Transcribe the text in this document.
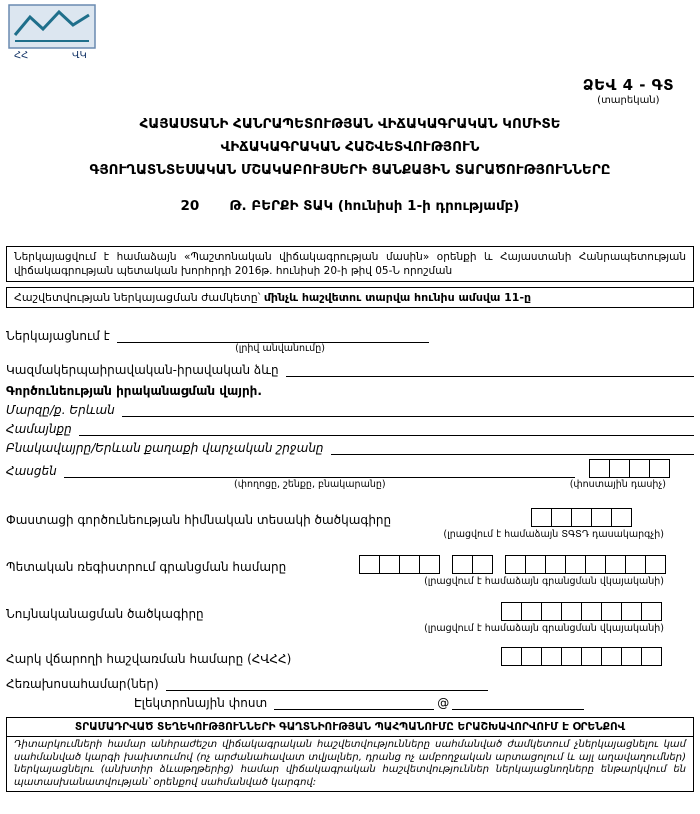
ՀՀ	ՎԿ
ՁԵՎ 4 - ԳՏ
(տարեկան)
ՀԱՅԱՍՏԱՆԻ ՀԱՆՐԱՊԵՏՈՒԹՅԱՆ ՎԻՃԱԿԱԳՐԱԿԱՆ ԿՈՄԻՏԵ
ՎԻՃԱԿԱԳՐԱԿԱՆ ՀԱՇՎԵՏՎՈՒԹՅՈՒՆ
ԳՅՈՒՂԱՏՆՏԵՍԱԿԱՆ ՄՇԱԿԱԲՈՒՅՍԵՐԻ ՑԱՆՔԱՅԻՆ ՏԱՐԱԾՈՒԹՅՈՒՆՆԵՐԸ
20 Թ. ԲԵՐՔԻ ՏԱԿ (հունիսի 1-ի դրությամբ)
Ներկայացվում է համաձայն «Պաշտոնական վիճակագրության մասին» օրենքի և Հայաստանի Հանրապետության վիճակագրության պետական խորհրդի 2016թ. հունիսի 20-ի թիվ 05-Ն որոշման
Հաշվետվության ներկայացման ժամկետը՝ մինչև հաշվետու տարվա հունիս ամսվա 11-ը
Ներկայացնում է
(լրիվ անվանումը)
Կազմակերպաիրավական-իրավական ձևը
Գործունեության իրականացման վայրի.
Մարզը/ք. Երևան
Համայնքը
Բնակավայրը/Երևան քաղաքի վարչական շրջանը
Հասցեն
(փողոցը, շենքը, բնակարանը)	(փոստային դասիչ)
Փաստացի գործունեության հիմնական տեսակի ծածկագիրը
(լրացվում է համաձայն ՏԳՏԴ դասակարգչի)
Պետական ռեգիստրում գրանցման համարը
(լրացվում է համաձայն գրանցման վկայականի)
Նույնականացման ծածկագիրը
(լրացվում է համաձայն գրանցման վկայականի)
Հարկ վճարողի հաշվառման համարը (ՀՎՀՀ)
Հեռախոսահամար(ներ)
Էլեկտրոնային փոստ	@
ՏՐԱՄԱԴՐՎԱԾ ՏԵՂԵԿՈՒԹՅՈՒՆՆԵՐԻ ԳԱՂՏՆԻՈՒԹՅԱՆ ՊԱՀՊԱՆՈՒՄԸ ԵՐԱՇԽԱՎՈՐՎՈՒՄ Է ՕՐԵՆՔՈՎ
Դիտարկումների համար անհրաժեշտ վիճակագրական հաշվետվությունները սահմանված ժամկետում չներկայացնելու կամ սահմանված կարգի խախտումով (ոչ արժանահավատ տվյալներ, դրանց ոչ ամբողջական արտացոլում և այլ աղավաղումներ) ներկայացնելու (անխտիր ձևաթղթերից) համար վիճակագրական հաշվետվություններ ներկայացնողները ենթարկվում են պատասխանատվության՝ օրենքով սահմանված կարգով:
